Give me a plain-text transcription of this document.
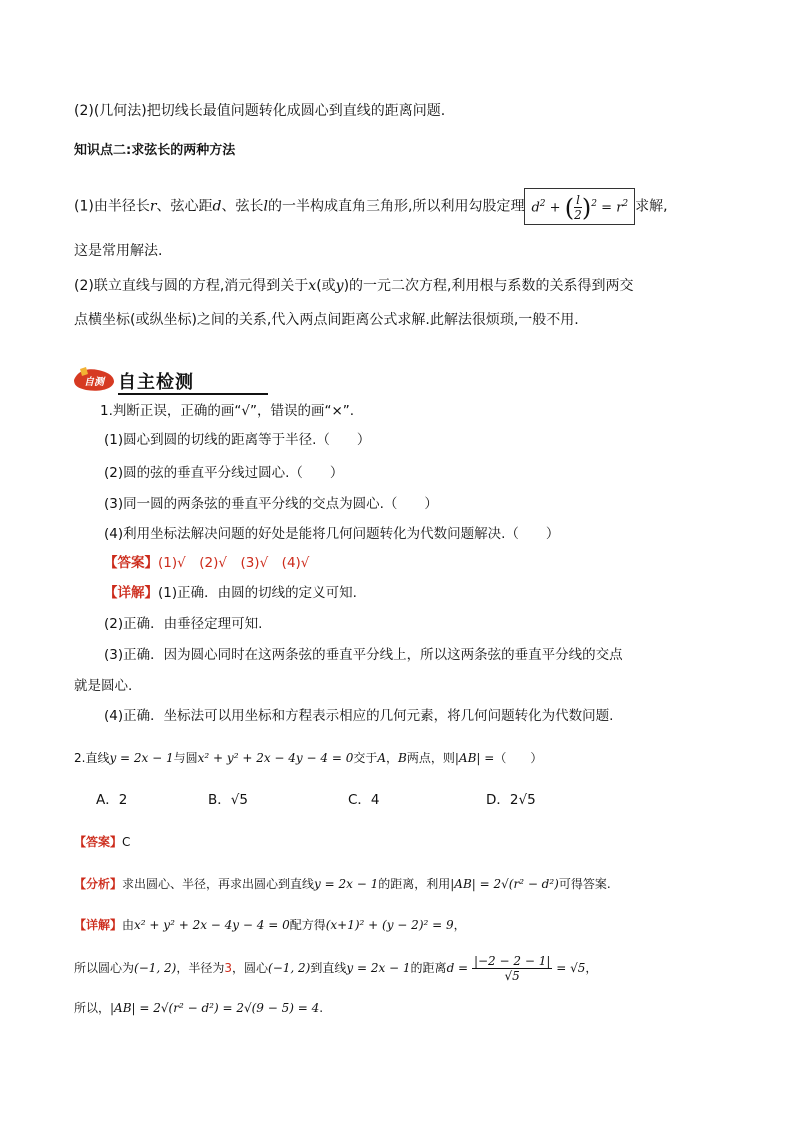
(2)(几何法)把切线长最值问题转化成圆心到直线的距离问题.
知识点二:求弦长的两种方法
(1)由半径长r、弦心距d、弦长l的一半构成直角三角形,所以利用勾股定理 $d^2$ + ( $\frac{l}{2} )^2 = r^2$ 求解,
这是常用解法.
(2)联立直线与圆的方程,消元得到关于x(或y)的一元二次方程,利用根与系数的关系得到两交
点横坐标(或纵坐标)之间的关系,代入两点间距离公式求解.此解法很烦琐,一般不用.
自测 自主检测
1.判断正误，正确的画“√”，错误的画“×”.
(1)圆心到圆的切线的距离等于半径.（　　）
(2)圆的弦的垂直平分线过圆心.（　　）
(3)同一圆的两条弦的垂直平分线的交点为圆心.（　　）
(4)利用坐标法解决问题的好处是能将几何问题转化为代数问题解决.（　　）
【答案】(1)√　(2)√　(3)√　(4)√
【详解】(1)正确．由圆的切线的定义可知.
(2)正确．由垂径定理可知.
(3)正确．因为圆心同时在这两条弦的垂直平分线上，所以这两条弦的垂直平分线的交点
就是圆心.
(4)正确．坐标法可以用坐标和方程表示相应的几何元素，将几何问题转化为代数问题.
2.直线y = 2x − 1与圆x² + y² + 2x − 4y − 4 = 0交于A，B两点，则|AB| =（　　）
A．2	B．√5	C．4	D．2√5
【答案】C
【分析】求出圆心、半径，再求出圆心到直线y = 2x − 1的距离，利用|AB| = 2√(r² − d²)可得答案.
【详解】由x² + y² + 2x − 4y − 4 = 0配方得(x+1)² + (y − 2)² = 9，
所以圆心为(−1, 2)，半径为3，圆心(−1, 2)到直线y = 2x − 1的距离$d = \frac{|-2 - 2 - 1|}{√5} = √5$，
所以，|AB| = 2√(r² − d²) = 2√(9 − 5) = 4.
